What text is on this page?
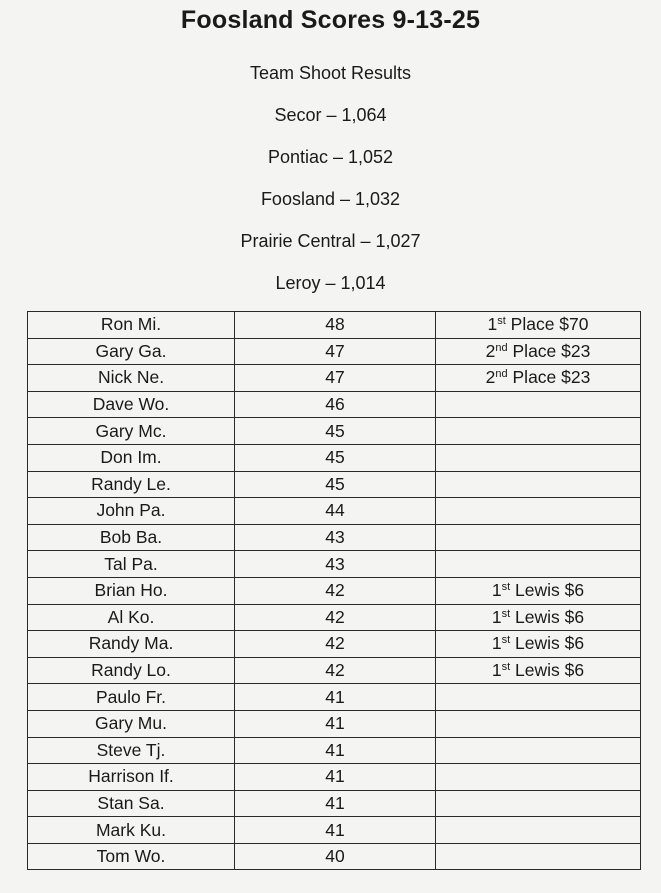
Foosland Scores 9-13-25
Team Shoot Results
Secor – 1,064
Pontiac – 1,052
Foosland – 1,032
Prairie Central – 1,027
Leroy – 1,014
Ron Mi.	48	1st Place $70
Gary Ga.	47	2nd Place $23
Nick Ne.	47	2nd Place $23
Dave Wo.	46	
Gary Mc.	45	
Don Im.	45	
Randy Le.	45	
John Pa.	44	
Bob Ba.	43	
Tal Pa.	43	
Brian Ho.	42	1st Lewis $6
Al Ko.	42	1st Lewis $6
Randy Ma.	42	1st Lewis $6
Randy Lo.	42	1st Lewis $6
Paulo Fr.	41	
Gary Mu.	41	
Steve Tj.	41	
Harrison If.	41	
Stan Sa.	41	
Mark Ku.	41	
Tom Wo.	40	
